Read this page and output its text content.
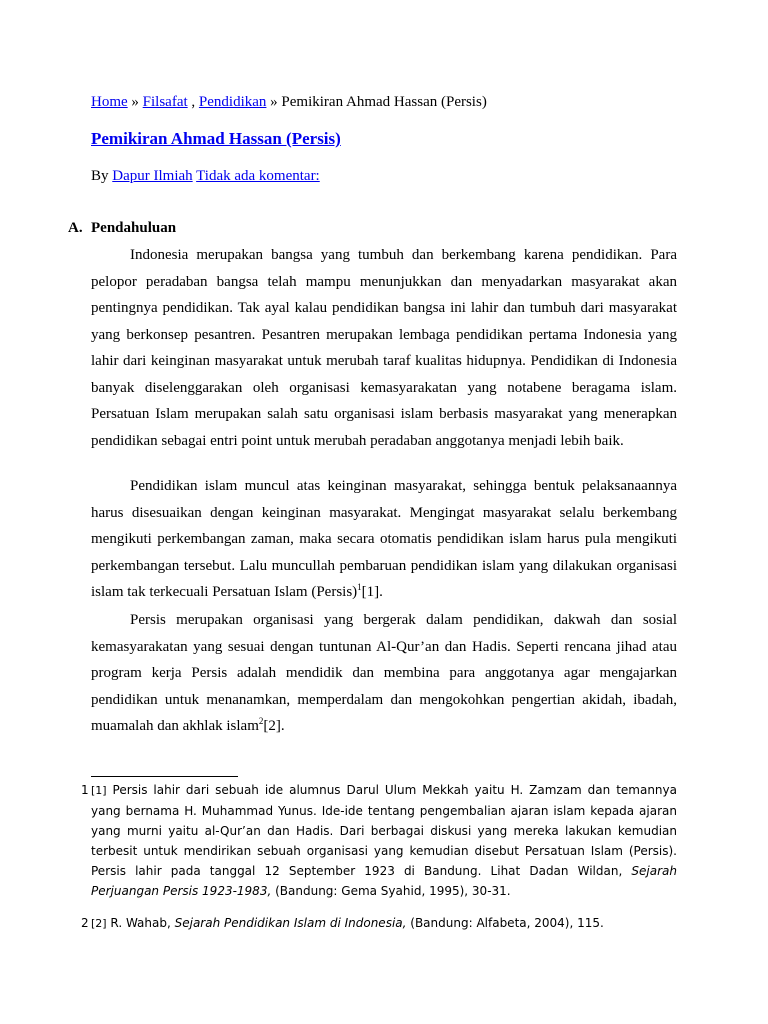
Home » Filsafat , Pendidikan » Pemikiran Ahmad Hassan (Persis)
Pemikiran Ahmad Hassan (Persis)
By Dapur Ilmiah Tidak ada komentar:
A. Pendahuluan

Indonesia merupakan bangsa yang tumbuh dan berkembang karena pendidikan. Para pelopor peradaban bangsa telah mampu menunjukkan dan menyadarkan masyarakat akan pentingnya pendidikan. Tak ayal kalau pendidikan bangsa ini lahir dan tumbuh dari masyarakat yang berkonsep pesantren. Pesantren merupakan lembaga pendidikan pertama Indonesia yang lahir dari keinginan masyarakat untuk merubah taraf kualitas hidupnya. Pendidikan di Indonesia banyak diselenggarakan oleh organisasi kemasyarakatan yang notabene beragama islam. Persatuan Islam merupakan salah satu organisasi islam berbasis masyarakat yang menerapkan pendidikan sebagai entri point untuk merubah peradaban anggotanya menjadi lebih baik.

Pendidikan islam muncul atas keinginan masyarakat, sehingga bentuk pelaksanaannya harus disesuaikan dengan keinginan masyarakat. Mengingat masyarakat selalu berkembang mengikuti perkembangan zaman, maka secara otomatis pendidikan islam harus pula mengikuti perkembangan tersebut. Lalu muncullah pembaruan pendidikan islam yang dilakukan organisasi islam tak terkecuali Persatuan Islam (Persis)$^1$[1].

Persis merupakan organisasi yang bergerak dalam pendidikan, dakwah dan sosial kemasyarakatan yang sesuai dengan tuntunan Al-Qur’an dan Hadis. Seperti rencana jihad atau program kerja Persis adalah mendidik dan membina para anggotanya agar mengajarkan pendidikan untuk menanamkan, memperdalam dan mengokohkan pengertian akidah, ibadah, muamalah dan akhlak islam$^2$[2].

1 [1] Persis lahir dari sebuah ide alumnus Darul Ulum Mekkah yaitu H. Zamzam dan temannya yang bernama H. Muhammad Yunus. Ide-ide tentang pengembalian ajaran islam kepada ajaran yang murni yaitu al-Qur’an dan Hadis. Dari berbagai diskusi yang mereka lakukan kemudian terbesit untuk mendirikan sebuah organisasi yang kemudian disebut Persatuan Islam (Persis). Persis lahir pada tanggal 12 September 1923 di Bandung. Lihat Dadan Wildan, Sejarah Perjuangan Persis 1923-1983, (Bandung: Gema Syahid, 1995), 30-31.
2 [2] R. Wahab, Sejarah Pendidikan Islam di Indonesia, (Bandung: Alfabeta, 2004), 115.
